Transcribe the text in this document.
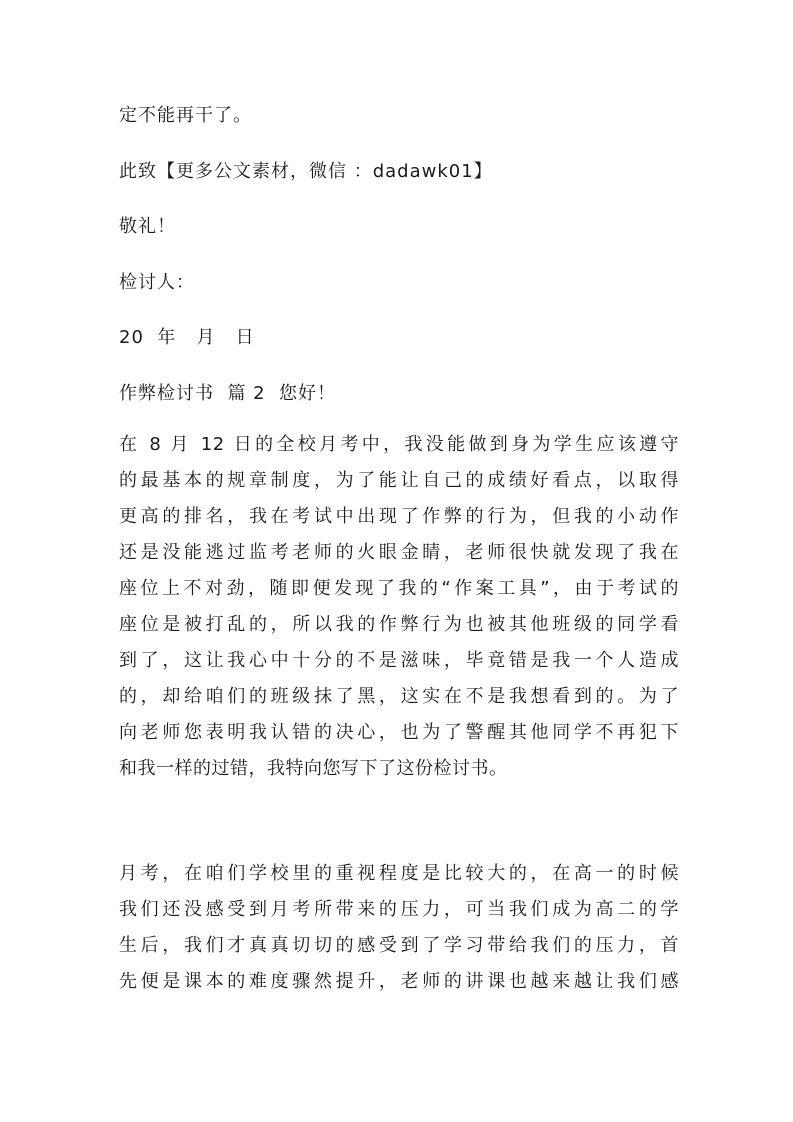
定不能再干了。
此致【更多公文素材，微信 ：dadawk01】
敬礼！
检讨人：
20  年   月   日
作弊检讨书  篇 2  您好！
在 8 月 12 日的全校月考中，我没能做到身为学生应该遵守
的最基本的规章制度，为了能让自己的成绩好看点，以取得
更高的排名，我在考试中出现了作弊的行为，但我的小动作
还是没能逃过监考老师的火眼金睛，老师很快就发现了我在
座位上不对劲，随即便发现了我的“作案工具”，由于考试的
座位是被打乱的，所以我的作弊行为也被其他班级的同学看
到了，这让我心中十分的不是滋味，毕竟错是我一个人造成
的，却给咱们的班级抹了黑，这实在不是我想看到的。为了
向老师您表明我认错的决心，也为了警醒其他同学不再犯下
和我一样的过错，我特向您写下了这份检讨书。
月考，在咱们学校里的重视程度是比较大的，在高一的时候
我们还没感受到月考所带来的压力，可当我们成为高二的学
生后，我们才真真切切的感受到了学习带给我们的压力，首
先便是课本的难度骤然提升，老师的讲课也越来越让我们感
